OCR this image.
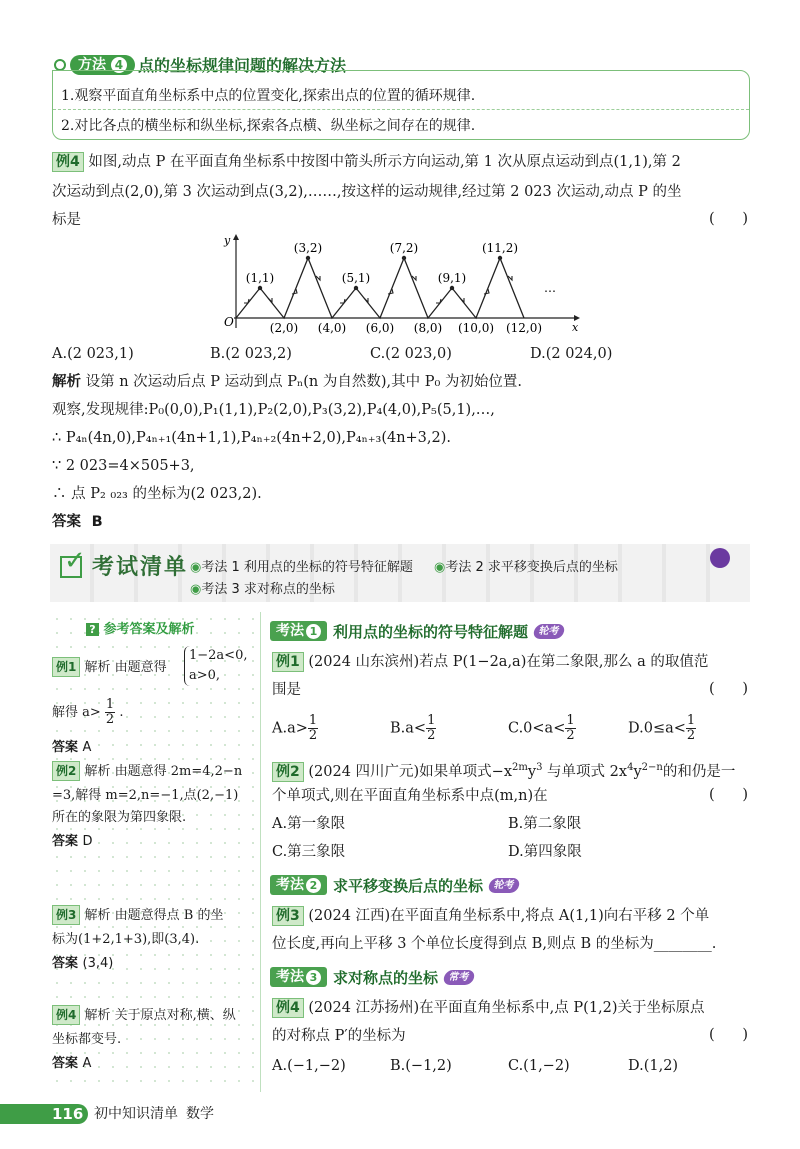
方法 4 点的坐标规律问题的解决方法
1.观察平面直角坐标系中点的位置变化,探索出点的位置的循环规律.
2.对比各点的横坐标和纵坐标,探索各点横、纵坐标之间存在的规律.
例4 如图,动点 P 在平面直角坐标系中按图中箭头所示方向运动,第 1 次从原点运动到点(1,1),第 2
次运动到点(2,0),第 3 次运动到点(3,2),……,按这样的运动规律,经过第 2 023 次运动,动点 P 的坐
标是	(      )
x
y
O
(1,1)
(3,2)
(5,1)
(7,2)
(9,1)
(11,2)
(2,0) (4,0) (6,0) (8,0) (10,0) (12,0)
…
A.(2 023,1)	B.(2 023,2)	C.(2 023,0)	D.(2 024,0)
解析 设第 n 次运动后点 P 运动到点 Pₙ(n 为自然数),其中 P₀ 为初始位置.
观察,发现规律:P₀(0,0),P₁(1,1),P₂(2,0),P₃(3,2),P₄(4,0),P₅(5,1),…,
∴ P₄ₙ(4n,0),P₄ₙ₊₁(4n+1,1),P₄ₙ₊₂(4n+2,0),P₄ₙ₊₃(4n+3,2).
∵ 2 023=4×505+3,
∴ 点 P₂ ₀₂₃ 的坐标为(2 023,2).
答案 B
✓ 考试清单 ◉考法 1 利用点的坐标的符号特征解题 ◉考法 2 求平移变换后点的坐标
◉考法 3 求对称点的坐标
? 参考答案及解析
例1 解析 由题意得
1−2a<0,
a>0,
解得 $a> \frac{1}{2}$ .
答案 A
例2 解析 由题意得 2m=4,2−n
=3,解得 m=2,n=−1,点(2,−1)
所在的象限为第四象限.
答案 D
例3 解析 由题意得点 B 的坐
标为(1+2,1+3),即(3,4).
答案 (3,4)
例4 解析 关于原点对称,横、纵
坐标都变号.
答案 A
考法 1	利用点的坐标的符号特征解题 轮考
例1 (2024 山东滨州)若点 P(1−2a,a)在第二象限,那么 a 的取值范
围是	(      )
$A.a> \frac{1}{2}$	$B.a< \frac{1}{2}$	$C.0<a< \frac{1}{2}$	$D.0\le a< \frac{1}{2}$
例2 (2024 四川广元)如果单项式$-x^{2m}y^3$ 与单项式 $2x^4y^{2-n}$的和仍是一
个单项式,则在平面直角坐标系中点(m,n)在	(      )
A.第一象限	B.第二象限
C.第三象限	D.第四象限
考法 2	求平移变换后点的坐标 轮考
例3 (2024 江西)在平面直角坐标系中,将点 A(1,1)向右平移 2 个单
位长度,再向上平移 3 个单位长度得到点 B,则点 B 的坐标为________.
考法 3	求对称点的坐标 常考
例4 (2024 江苏扬州)在平面直角坐标系中,点 P(1,2)关于坐标原点
的对称点 P′的坐标为	(      )
A.(−1,−2)	B.(−1,2)	C.(1,−2)	D.(1,2)
116 初中知识清单 数学
